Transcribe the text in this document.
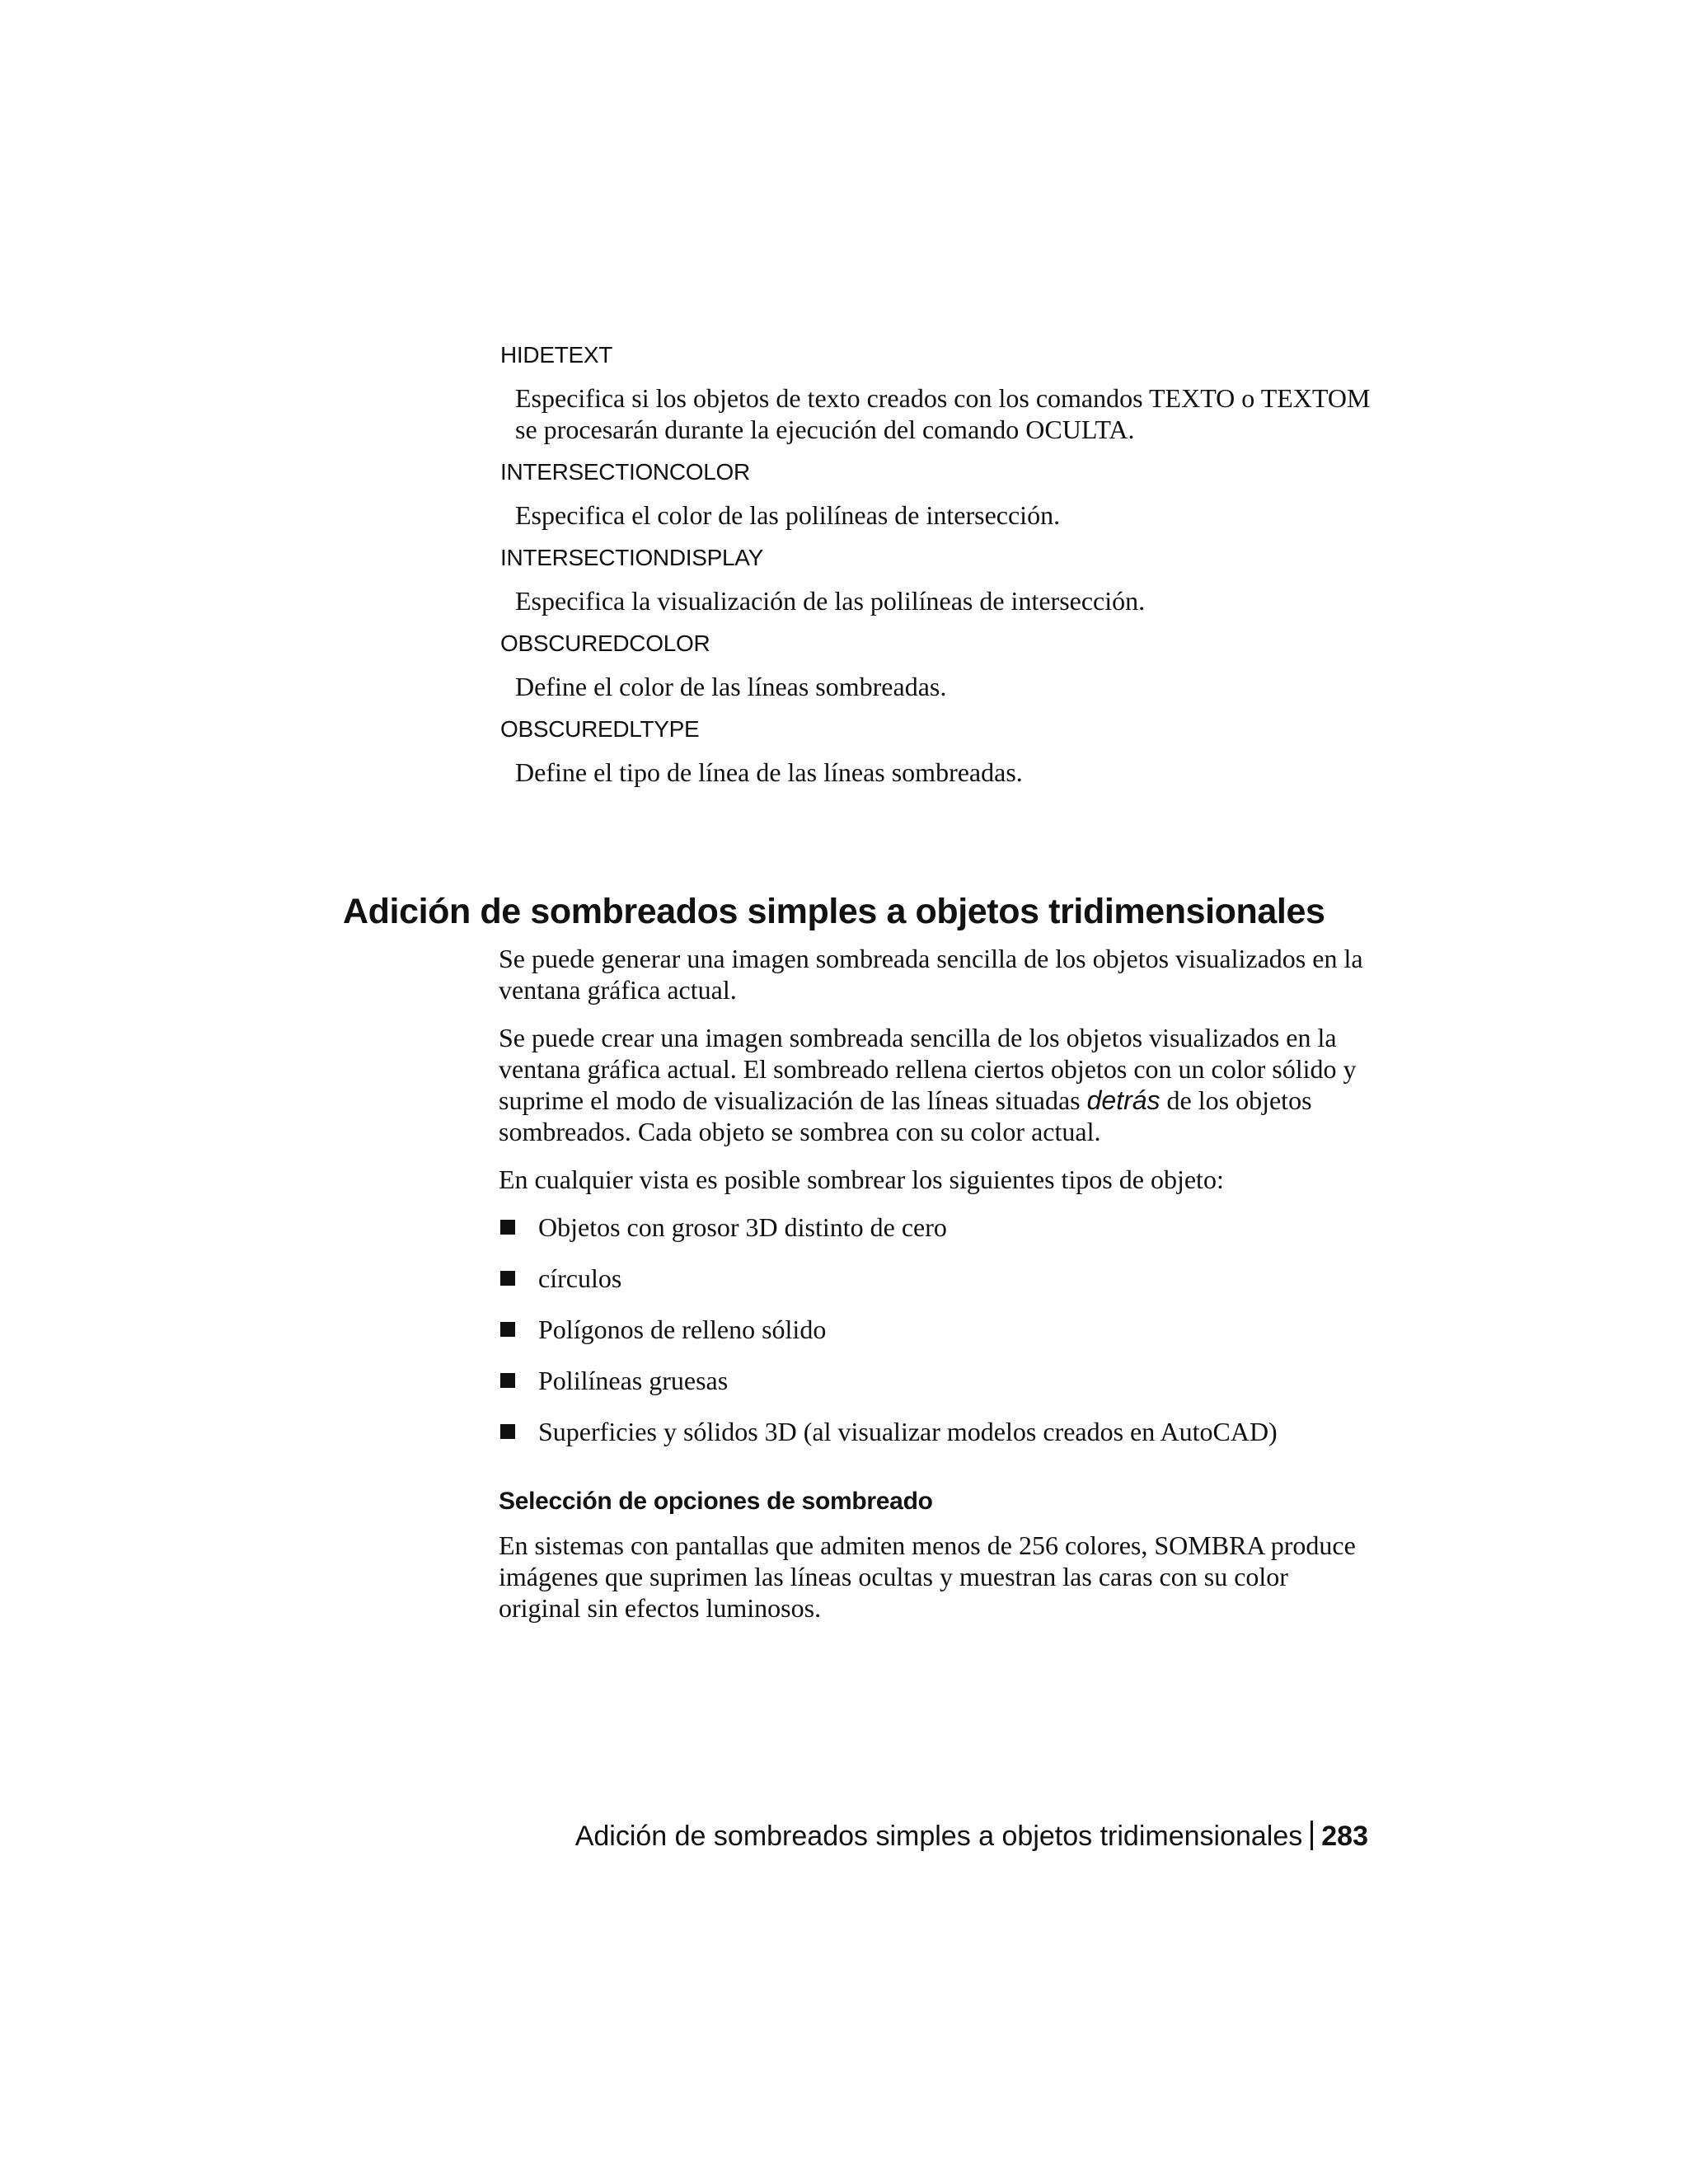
HIDETEXT

Especifica si los objetos de texto creados con los comandos TEXTO o TEXTOM se procesarán durante la ejecución del comando OCULTA.

INTERSECTIONCOLOR

Especifica el color de las polilíneas de intersección.

INTERSECTIONDISPLAY

Especifica la visualización de las polilíneas de intersección.

OBSCUREDCOLOR

Define el color de las líneas sombreadas.

OBSCUREDLTYPE

Define el tipo de línea de las líneas sombreadas.

Adición de sombreados simples a objetos tridimensionales

Se puede generar una imagen sombreada sencilla de los objetos visualizados en la ventana gráfica actual.

Se puede crear una imagen sombreada sencilla de los objetos visualizados en la ventana gráfica actual. El sombreado rellena ciertos objetos con un color sólido y suprime el modo de visualización de las líneas situadas detrás de los objetos sombreados. Cada objeto se sombrea con su color actual.

En cualquier vista es posible sombrear los siguientes tipos de objeto:

Objetos con grosor 3D distinto de cero
círculos
Polígonos de relleno sólido
Polilíneas gruesas
Superficies y sólidos 3D (al visualizar modelos creados en AutoCAD)
Selección de opciones de sombreado

En sistemas con pantallas que admiten menos de 256 colores, SOMBRA produce imágenes que suprimen las líneas ocultas y muestran las caras con su color original sin efectos luminosos.

Adición de sombreados simples a objetos tridimensionales 283
